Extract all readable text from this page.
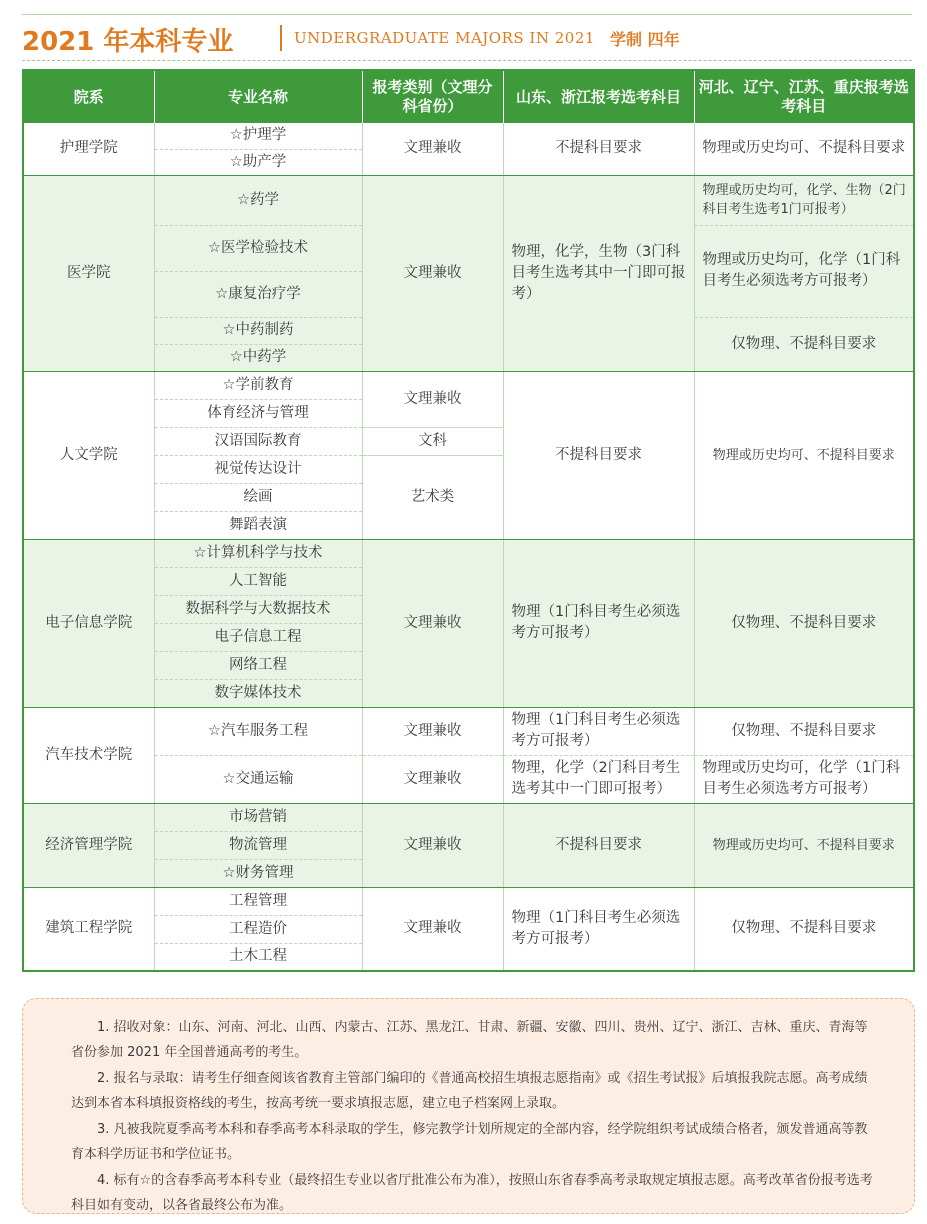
2021 年本科专业	UNDERGRADUATE MAJORS IN 2021 学制 四年
院系	专业名称	报考类别（文理分科省份）	山东、浙江报考选考科目	河北、辽宁、江苏、重庆报考选考科目
护理学院	☆护理学	文理兼收	不提科目要求	物理或历史均可、不提科目要求
	☆助产学			
医学院	☆药学	文理兼收	物理，化学，生物（3门科目考生选考其中一门即可报考）	物理或历史均可，化学、生物（2门科目考生选考1门可报考）
	☆医学检验技术			物理或历史均可，化学（1门科目考生必须选考方可报考）
	☆康复治疗学			
	☆中药制药			仅物理、不提科目要求
	☆中药学			
人文学院	☆学前教育	文理兼收	不提科目要求	物理或历史均可、不提科目要求
	体育经济与管理			
	汉语国际教育	文科		
	视觉传达设计	艺术类		
	绘画			
	舞蹈表演			
电子信息学院	☆计算机科学与技术	文理兼收	物理（1门科目考生必须选考方可报考）	仅物理、不提科目要求
	人工智能			
	数据科学与大数据技术			
	电子信息工程			
	网络工程			
	数字媒体技术			
汽车技术学院	☆汽车服务工程	文理兼收	物理（1门科目考生必须选考方可报考）	仅物理、不提科目要求
	☆交通运输	文理兼收	物理，化学（2门科目考生选考其中一门即可报考）	物理或历史均可，化学（1门科目考生必须选考方可报考）
经济管理学院	市场营销	文理兼收	不提科目要求	物理或历史均可、不提科目要求
	物流管理			
	☆财务管理			
建筑工程学院	工程管理	文理兼收	物理（1门科目考生必须选考方可报考）	仅物理、不提科目要求
	工程造价			
	土木工程			

1. 招收对象：山东、河南、河北、山西、内蒙古、江苏、黑龙江、甘肃、新疆、安徽、四川、贵州、辽宁、浙江、吉林、重庆、青海等省份参加 2021 年全国普通高考的考生。

2. 报名与录取：请考生仔细查阅该省教育主管部门编印的《普通高校招生填报志愿指南》或《招生考试报》后填报我院志愿。高考成绩达到本省本科填报资格线的考生，按高考统一要求填报志愿，建立电子档案网上录取。

3. 凡被我院夏季高考本科和春季高考本科录取的学生，修完教学计划所规定的全部内容，经学院组织考试成绩合格者，颁发普通高等教育本科学历证书和学位证书。

4. 标有☆的含春季高考本科专业（最终招生专业以省厅批准公布为准），按照山东省春季高考录取规定填报志愿。高考改革省份报考选考科目如有变动，以各省最终公布为准。
